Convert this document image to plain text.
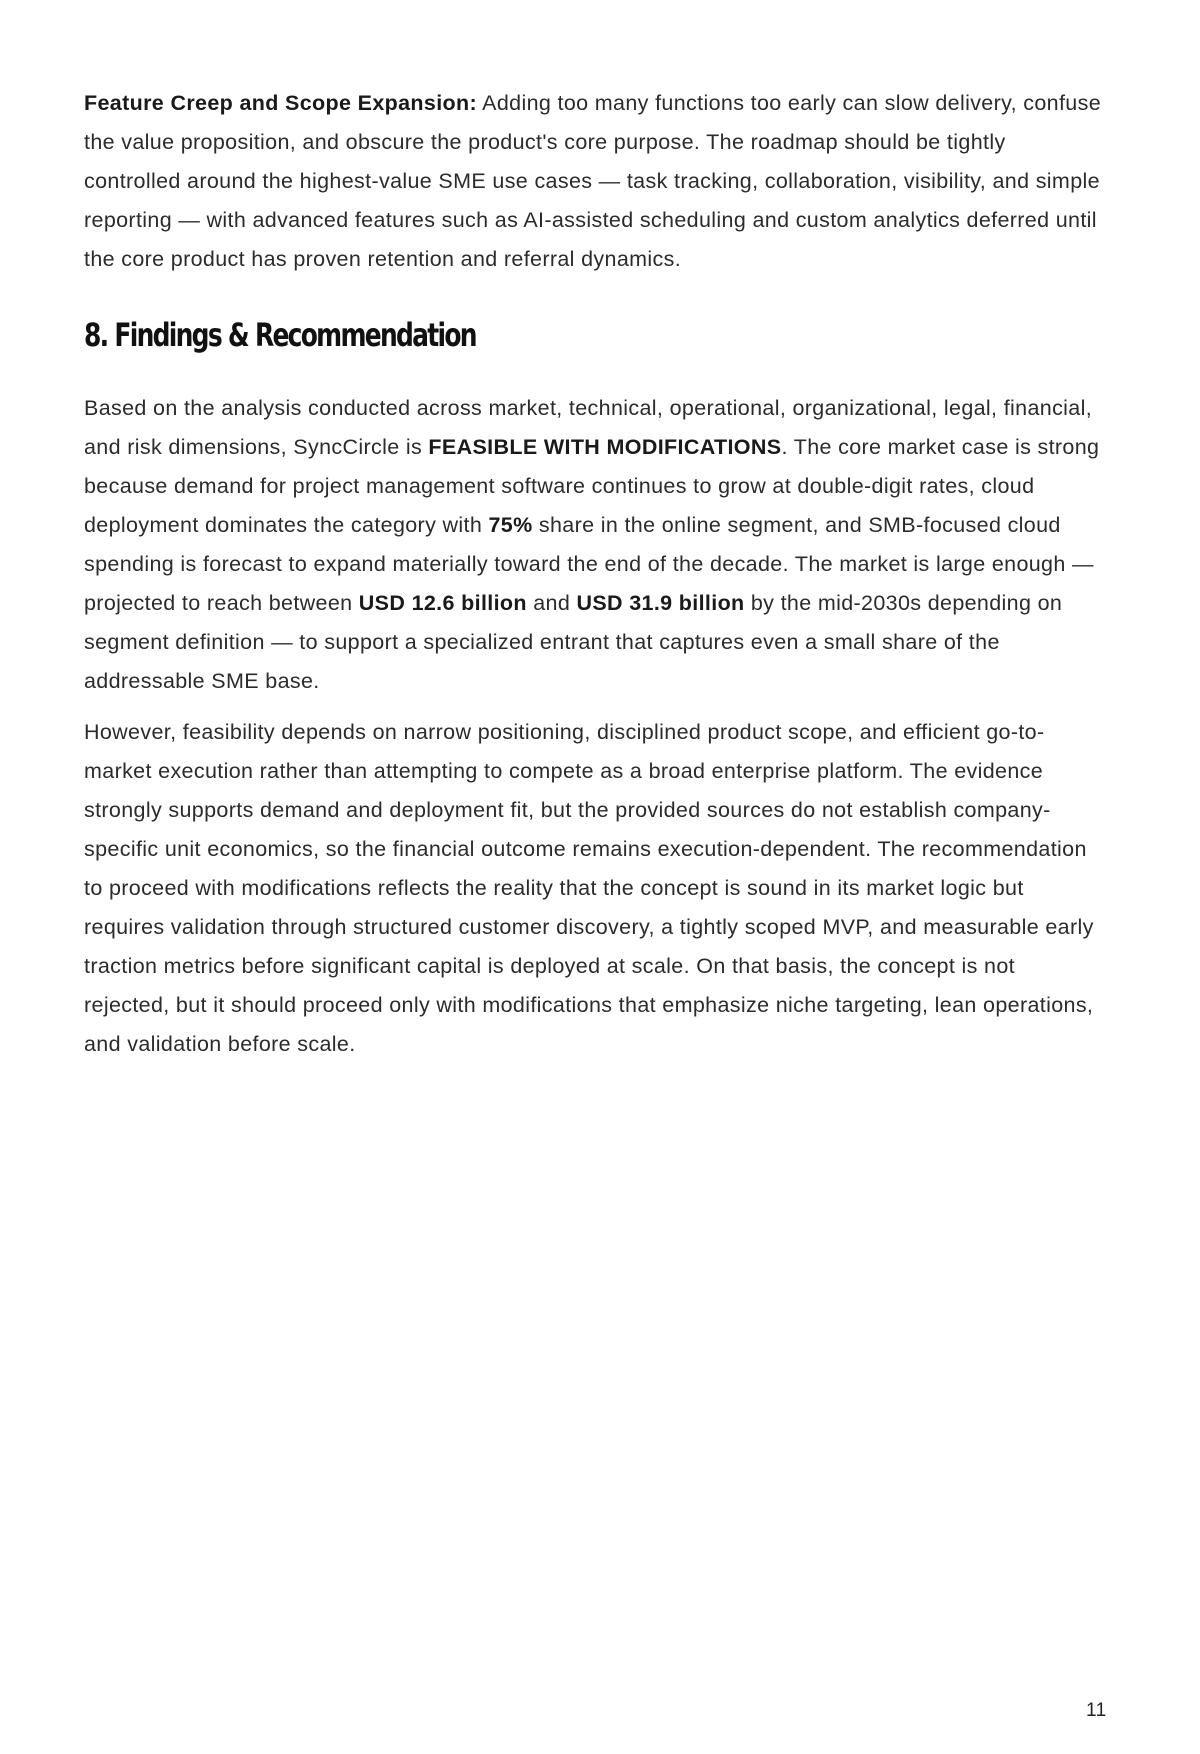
Feature Creep and Scope Expansion: Adding too many functions too early can slow delivery, confuse the value proposition, and obscure the product's core purpose. The roadmap should be tightly controlled around the highest-value SME use cases — task tracking, collaboration, visibility, and simple reporting — with advanced features such as AI-assisted scheduling and custom analytics deferred until the core product has proven retention and referral dynamics.

8. Findings & Recommendation

Based on the analysis conducted across market, technical, operational, organizational, legal, financial, and risk dimensions, SyncCircle is FEASIBLE WITH MODIFICATIONS. The core market case is strong because demand for project management software continues to grow at double-digit rates, cloud deployment dominates the category with 75% share in the online segment, and SMB-focused cloud spending is forecast to expand materially toward the end of the decade. The market is large enough — projected to reach between USD 12.6 billion and USD 31.9 billion by the mid-2030s depending on segment definition — to support a specialized entrant that captures even a small share of the addressable SME base.

However, feasibility depends on narrow positioning, disciplined product scope, and efficient go-to-market execution rather than attempting to compete as a broad enterprise platform. The evidence strongly supports demand and deployment fit, but the provided sources do not establish company-specific unit economics, so the financial outcome remains execution-dependent. The recommendation to proceed with modifications reflects the reality that the concept is sound in its market logic but requires validation through structured customer discovery, a tightly scoped MVP, and measurable early traction metrics before significant capital is deployed at scale. On that basis, the concept is not rejected, but it should proceed only with modifications that emphasize niche targeting, lean operations, and validation before scale.

11
